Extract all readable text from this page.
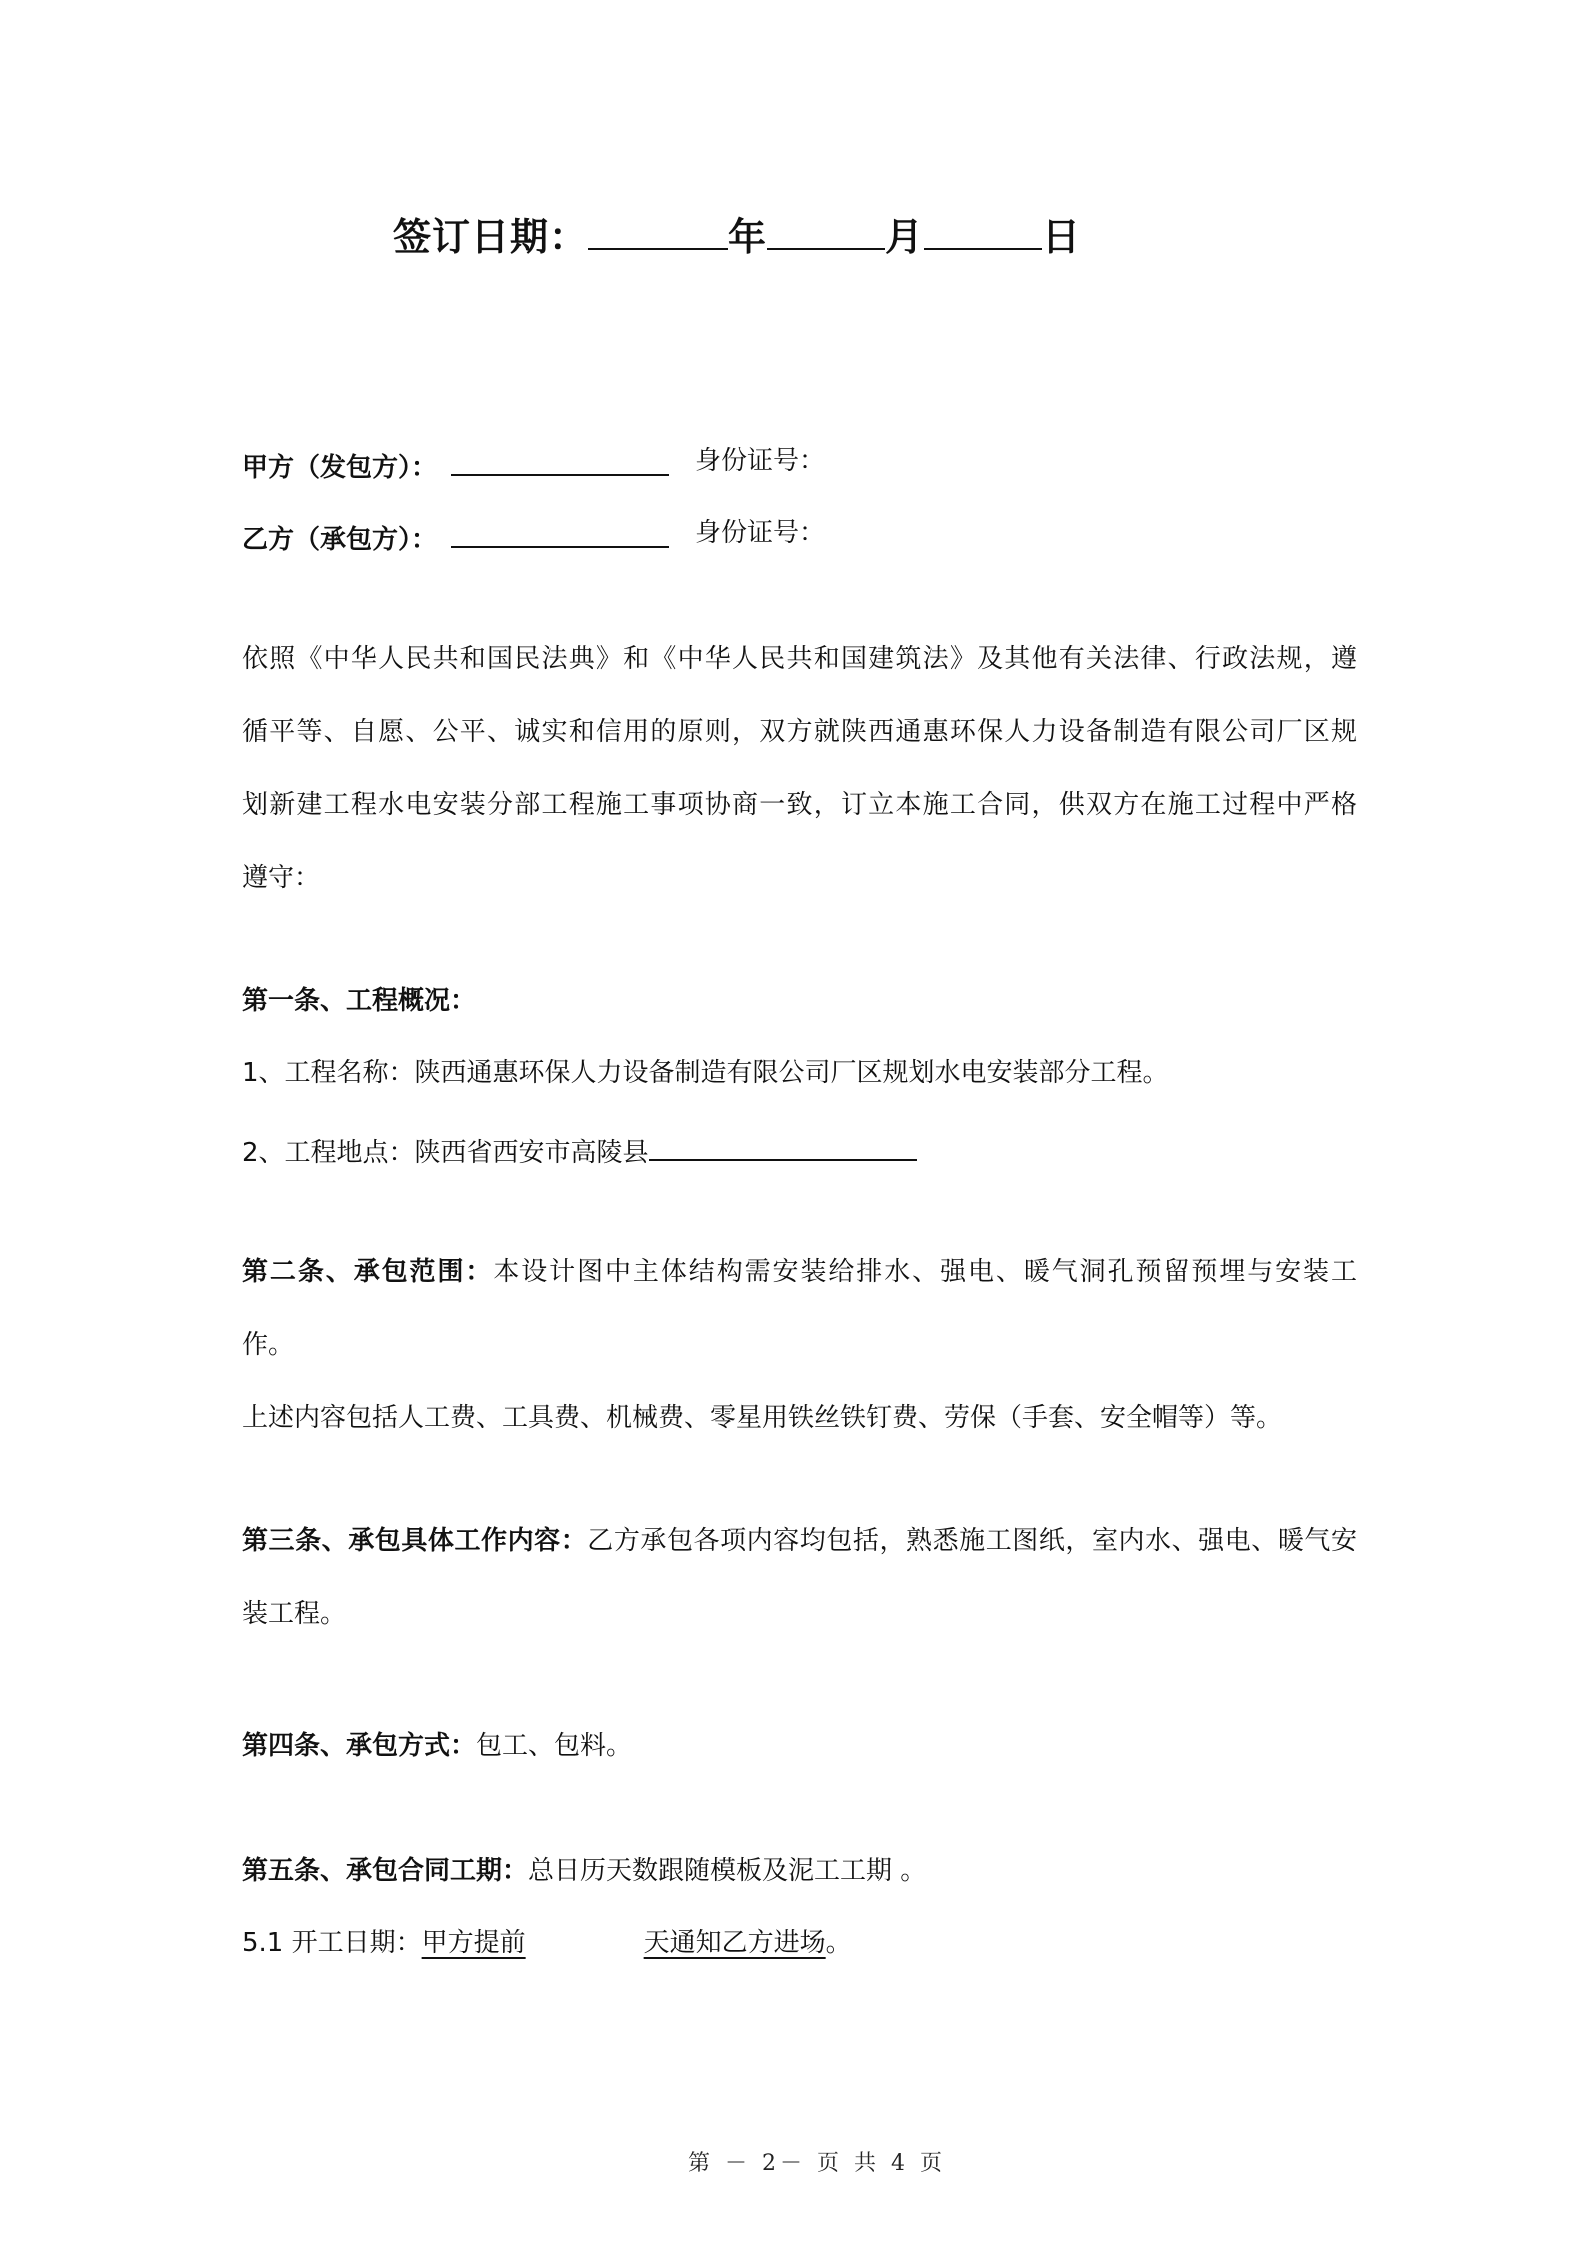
签订日期：	年	月	日
甲方（发包方）：	身份证号：
乙方（承包方）：	身份证号：
依照《中华人民共和国民法典》和《中华人民共和国建筑法》及其他有关法律、行政法规，遵
循平等、自愿、公平、诚实和信用的原则，双方就陕西通惠环保人力设备制造有限公司厂区规
划新建工程水电安装分部工程施工事项协商一致，订立本施工合同，供双方在施工过程中严格
遵守：
第一条、工程概况：
1、工程名称：陕西通惠环保人力设备制造有限公司厂区规划水电安装部分工程。
2、工程地点：陕西省西安市高陵县
第二条、承包范围：本设计图中主体结构需安装给排水、强电、暖气洞孔预留预埋与安装工
作。
上述内容包括人工费、工具费、机械费、零星用铁丝铁钉费、劳保（手套、安全帽等）等。
第三条、承包具体工作内容：乙方承包各项内容均包括，熟悉施工图纸，室内水、强电、暖气安
装工程。
第四条、承包方式：包工、包料。
第五条、承包合同工期：总日历天数跟随模板及泥工工期 。
5.1 开工日期：甲方提前	天通知乙方进场。
第 － 2－ 页 共 4 页
